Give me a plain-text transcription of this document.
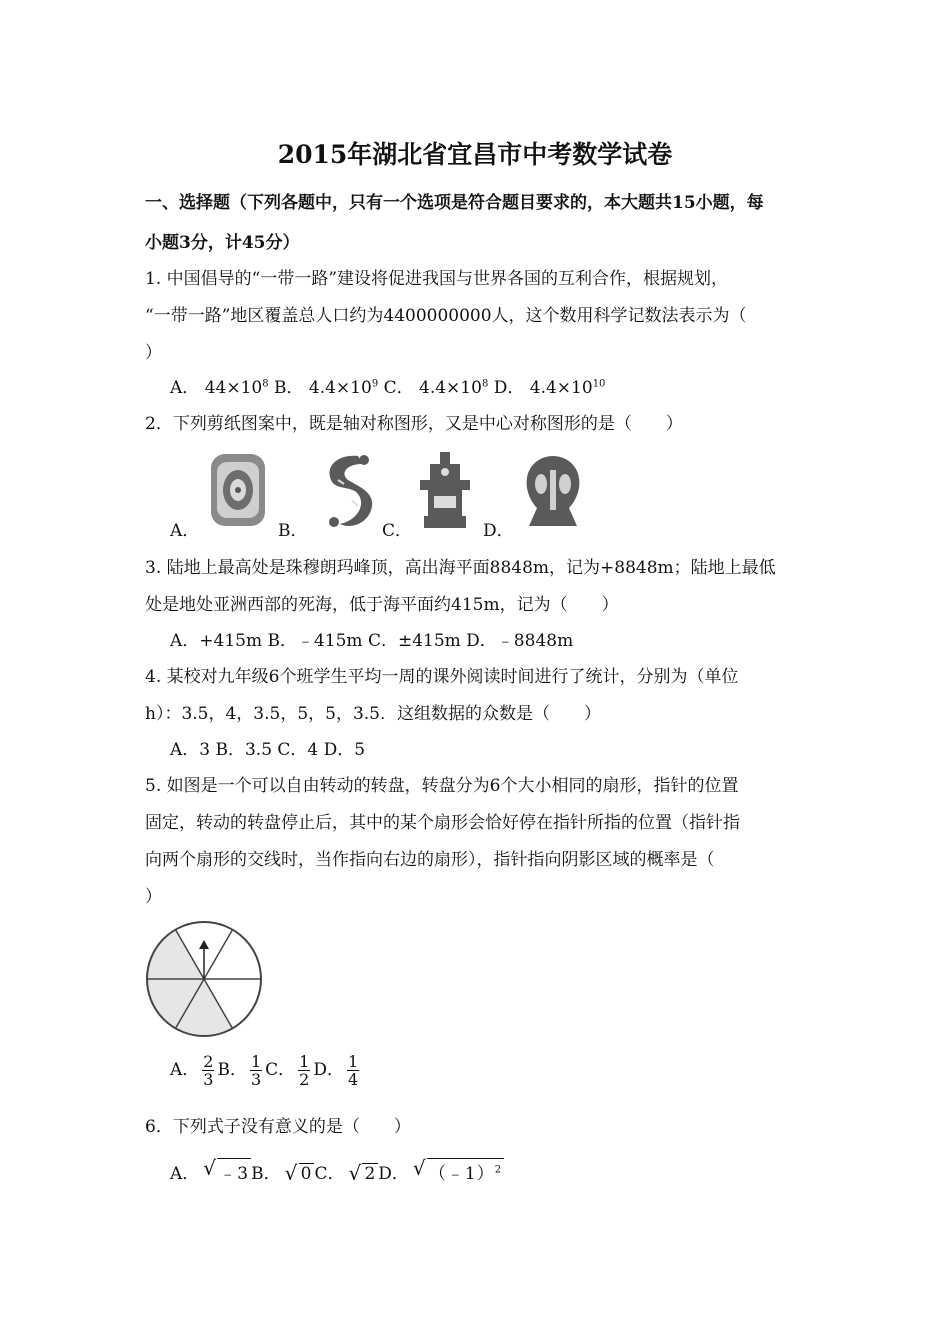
2015年湖北省宜昌市中考数学试卷
一、选择题（下列各题中，只有一个选项是符合题目要求的，本大题共15小题，每
小题3分，计45分）
1. 中国倡导的“一带一路”建设将促进我国与世界各国的互利合作，根据规划，
“一带一路”地区覆盖总人口约为4400000000人，这个数用科学记数法表示为（
）
A． $44\times 10^8$ B． $4.4\times 10^9$ C． $4.4\times 10^8$ D． $4.4\times 10^{10}$
2．下列剪纸图案中，既是轴对称图形，又是中心对称图形的是（　　）
A．	B．	C．	D．
3. 陆地上最高处是珠穆朗玛峰顶，高出海平面8848m，记为+8848m；陆地上最低
处是地处亚洲西部的死海，低于海平面约415m，记为（　　）
A．+415m B．﹣415m C．±415m D．﹣8848m
4. 某校对九年级6个班学生平均一周的课外阅读时间进行了统计，分别为（单位
h）：3.5，4，3.5，5，5，3.5．这组数据的众数是（　　）
A．3 B．3.5 C．4 D．5
5. 如图是一个可以自由转动的转盘，转盘分为6个大小相同的扇形，指针的位置
固定，转动的转盘停止后，其中的某个扇形会恰好停在指针所指的位置（指针指
向两个扇形的交线时，当作指向右边的扇形），指针指向阴影区域的概率是（
）
A． $\frac{2}{3}$ B． $\frac{1}{3}$ C． $\frac{1}{2}$ D． $\frac{1}{4}$
6．下列式子没有意义的是（　　）
A． √ ﹣3 B． √ 0 C． √ 2 D． √ （﹣1）$^2$
